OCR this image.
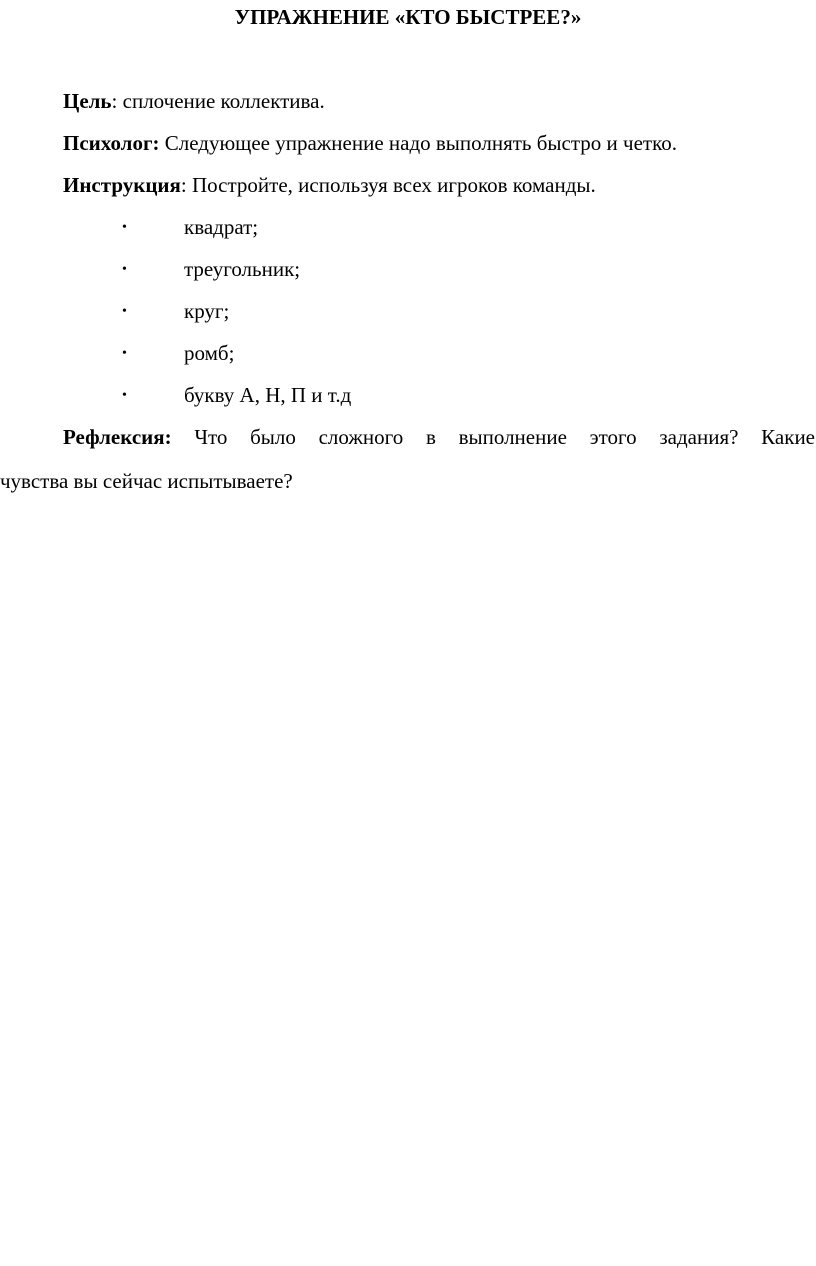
УПРАЖНЕНИЕ «КТО БЫСТРЕЕ?»
Цель: сплочение коллектива.
Психолог: Следующее упражнение надо выполнять быстро и четко.
Инструкция: Постройте, используя всех игроков команды.
•	квадрат;
•	треугольник;
•	круг;
•	ромб;
•	букву А, Н, П и т.д
Рефлексия: Что было сложного в выполнение этого задания? Какие
чувства вы сейчас испытываете?
